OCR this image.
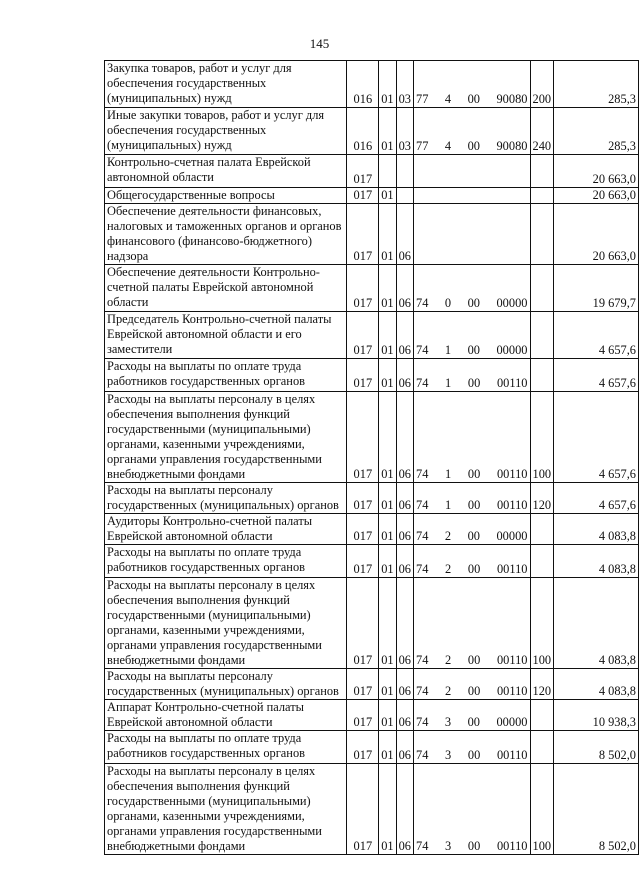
145
Закупка товаров, работ и услуг для обеспечения государственных (муниципальных) нужд	016	01	03	77 4 00 90080	200	285,3
Иные закупки товаров, работ и услуг для обеспечения государственных (муниципальных) нужд	016	01	03	77 4 00 90080	240	285,3
Контрольно-счетная палата Еврейской автономной области	017					20 663,0
Общегосударственные вопросы	017	01				20 663,0
Обеспечение деятельности финансовых, налоговых и таможенных органов и органов финансового (финансово-бюджетного) надзора	017	01	06			20 663,0
Обеспечение деятельности Контрольно-счетной палаты Еврейской автономной области	017	01	06	74 0 00 00000		19 679,7
Председатель Контрольно-счетной палаты Еврейской автономной области и его заместители	017	01	06	74 1 00 00000		4 657,6
Расходы на выплаты по оплате труда работников государственных органов	017	01	06	74 1 00 00110		4 657,6
Расходы на выплаты персоналу в целях обеспечения выполнения функций государственными (муниципальными) органами, казенными учреждениями, органами управления государственными внебюджетными фондами	017	01	06	74 1 00 00110	100	4 657,6
Расходы на выплаты персоналу государственных (муниципальных) органов	017	01	06	74 1 00 00110	120	4 657,6
Аудиторы Контрольно-счетной палаты Еврейской автономной области	017	01	06	74 2 00 00000		4 083,8
Расходы на выплаты по оплате труда работников государственных органов	017	01	06	74 2 00 00110		4 083,8
Расходы на выплаты персоналу в целях обеспечения выполнения функций государственными (муниципальными) органами, казенными учреждениями, органами управления государственными внебюджетными фондами	017	01	06	74 2 00 00110	100	4 083,8
Расходы на выплаты персоналу государственных (муниципальных) органов	017	01	06	74 2 00 00110	120	4 083,8
Аппарат Контрольно-счетной палаты Еврейской автономной области	017	01	06	74 3 00 00000		10 938,3
Расходы на выплаты по оплате труда работников государственных органов	017	01	06	74 3 00 00110		8 502,0
Расходы на выплаты персоналу в целях обеспечения выполнения функций государственными (муниципальными) органами, казенными учреждениями, органами управления государственными внебюджетными фондами	017	01	06	74 3 00 00110	100	8 502,0
